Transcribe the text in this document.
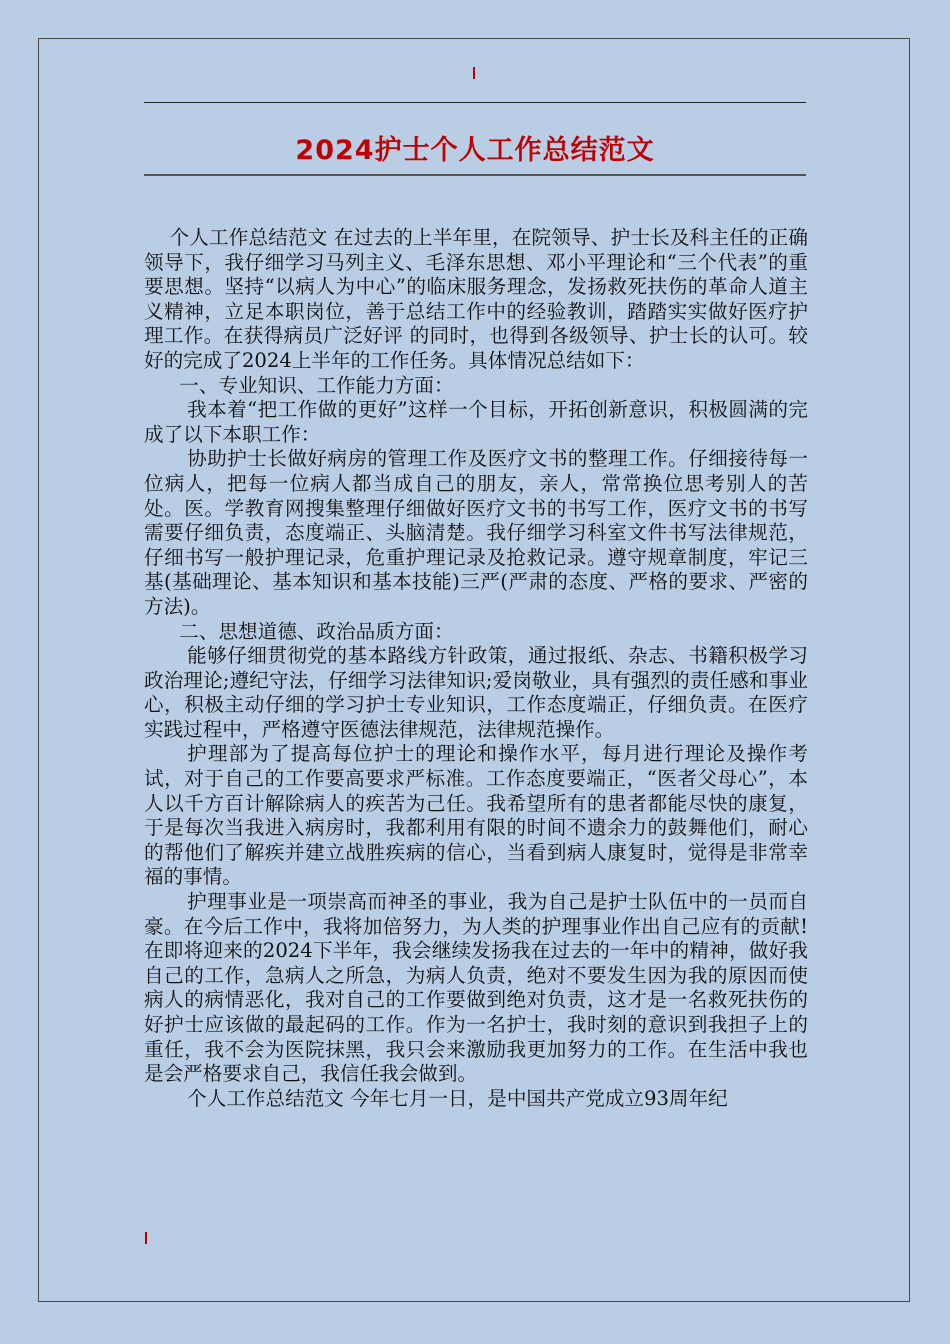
2024护士个人工作总结范文

个人工作总结范文 在过去的上半年里，在院领导、护士长及科主任的正确领导下，我仔细学习马列主义、毛泽东思想、邓小平理论和“三个代表”的重要思想。坚持“以病人为中心”的临床服务理念，发扬救死扶伤的革命人道主义精神，立足本职岗位，善于总结工作中的经验教训，踏踏实实做好医疗护理工作。在获得病员广泛好评 的同时，也得到各级领导、护士长的认可。较好的完成了2024上半年的工作任务。具体情况总结如下：

一、专业知识、工作能力方面：

我本着“把工作做的更好”这样一个目标，开拓创新意识，积极圆满的完成了以下本职工作：

协助护士长做好病房的管理工作及医疗文书的整理工作。仔细接待每一位病人，把每一位病人都当成自己的朋友，亲人，常常换位思考别人的苦处。医。学教育网搜集整理仔细做好医疗文书的书写工作，医疗文书的书写需要仔细负责，态度端正、头脑清楚。我仔细学习科室文件书写法律规范，仔细书写一般护理记录，危重护理记录及抢救记录。遵守规章制度，牢记三基(基础理论、基本知识和基本技能)三严(严肃的态度、严格的要求、严密的方法)。

二、思想道德、政治品质方面：

能够仔细贯彻党的基本路线方针政策，通过报纸、杂志、书籍积极学习政治理论;遵纪守法，仔细学习法律知识;爱岗敬业，具有强烈的责任感和事业心，积极主动仔细的学习护士专业知识，工作态度端正，仔细负责。在医疗实践过程中，严格遵守医德法律规范，法律规范操作。

护理部为了提高每位护士的理论和操作水平，每月进行理论及操作考试，对于自己的工作要高要求严标准。工作态度要端正，“医者父母心”，本人以千方百计解除病人的疾苦为己任。我希望所有的患者都能尽快的康复，于是每次当我进入病房时，我都利用有限的时间不遗余力的鼓舞他们，耐心的帮他们了解疾并建立战胜疾病的信心，当看到病人康复时，觉得是非常幸福的事情。

护理事业是一项崇高而神圣的事业，我为自己是护士队伍中的一员而自豪。在今后工作中，我将加倍努力，为人类的护理事业作出自己应有的贡献! 在即将迎来的2024下半年，我会继续发扬我在过去的一年中的精神，做好我自己的工作，急病人之所急，为病人负责，绝对不要发生因为我的原因而使病人的病情恶化，我对自己的工作要做到绝对负责，这才是一名救死扶伤的好护士应该做的最起码的工作。作为一名护士，我时刻的意识到我担子上的重任，我不会为医院抹黑，我只会来激励我更加努力的工作。在生活中我也是会严格要求自己，我信任我会做到。

个人工作总结范文 今年七月一日，是中国共产党成立93周年纪
